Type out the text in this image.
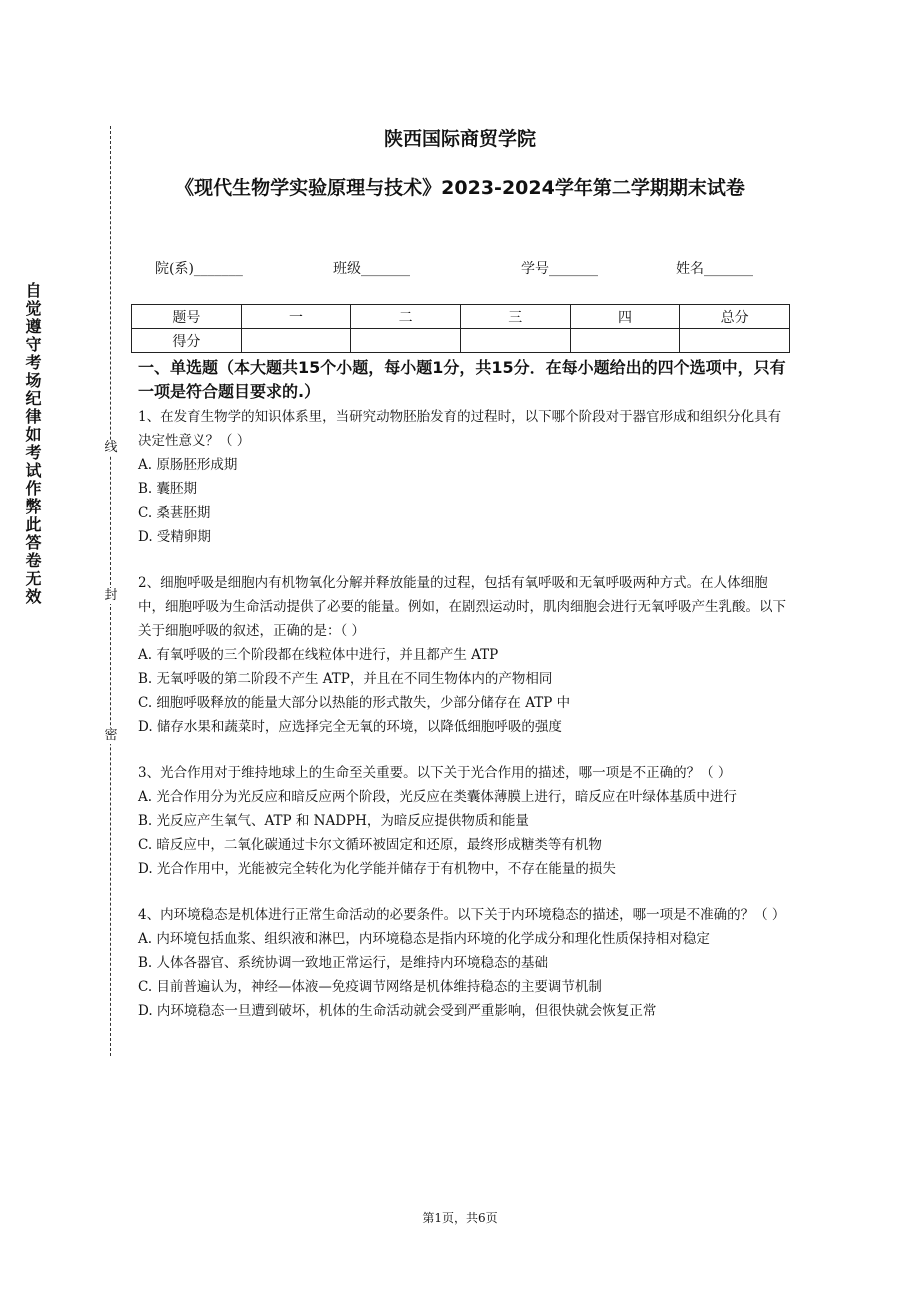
自觉遵守考场纪律如考试作弊此答卷无效	线
封
密
陕西国际商贸学院
《现代生物学实验原理与技术》2023-2024学年第二学期期末试卷
院(系)_______	班级_______	学号_______	姓名_______
题号	一	二	三	四	总分
得分					
一、单选题（本大题共15个小题，每小题1分，共15分．在每小题给出的四个选项中，只有一项是符合题目要求的.）

1、在发育生物学的知识体系里，当研究动物胚胎发育的过程时，以下哪个阶段对于器官形成和组织分化具有决定性意义？（ ）

A. 原肠胚形成期

B. 囊胚期

C. 桑葚胚期

D. 受精卵期

2、细胞呼吸是细胞内有机物氧化分解并释放能量的过程，包括有氧呼吸和无氧呼吸两种方式。在人体细胞中，细胞呼吸为生命活动提供了必要的能量。例如，在剧烈运动时，肌肉细胞会进行无氧呼吸产生乳酸。以下关于细胞呼吸的叙述，正确的是：（ ）

A. 有氧呼吸的三个阶段都在线粒体中进行，并且都产生 ATP

B. 无氧呼吸的第二阶段不产生 ATP，并且在不同生物体内的产物相同

C. 细胞呼吸释放的能量大部分以热能的形式散失，少部分储存在 ATP 中

D. 储存水果和蔬菜时，应选择完全无氧的环境，以降低细胞呼吸的强度

3、光合作用对于维持地球上的生命至关重要。以下关于光合作用的描述，哪一项是不正确的？（ ）

A. 光合作用分为光反应和暗反应两个阶段，光反应在类囊体薄膜上进行，暗反应在叶绿体基质中进行

B. 光反应产生氧气、ATP 和 NADPH，为暗反应提供物质和能量

C. 暗反应中，二氧化碳通过卡尔文循环被固定和还原，最终形成糖类等有机物

D. 光合作用中，光能被完全转化为化学能并储存于有机物中，不存在能量的损失

4、内环境稳态是机体进行正常生命活动的必要条件。以下关于内环境稳态的描述，哪一项是不准确的？（ ）

A. 内环境包括血浆、组织液和淋巴，内环境稳态是指内环境的化学成分和理化性质保持相对稳定

B. 人体各器官、系统协调一致地正常运行，是维持内环境稳态的基础

C. 目前普遍认为，神经—体液—免疫调节网络是机体维持稳态的主要调节机制

D. 内环境稳态一旦遭到破坏，机体的生命活动就会受到严重影响，但很快就会恢复正常

第1页，共6页
